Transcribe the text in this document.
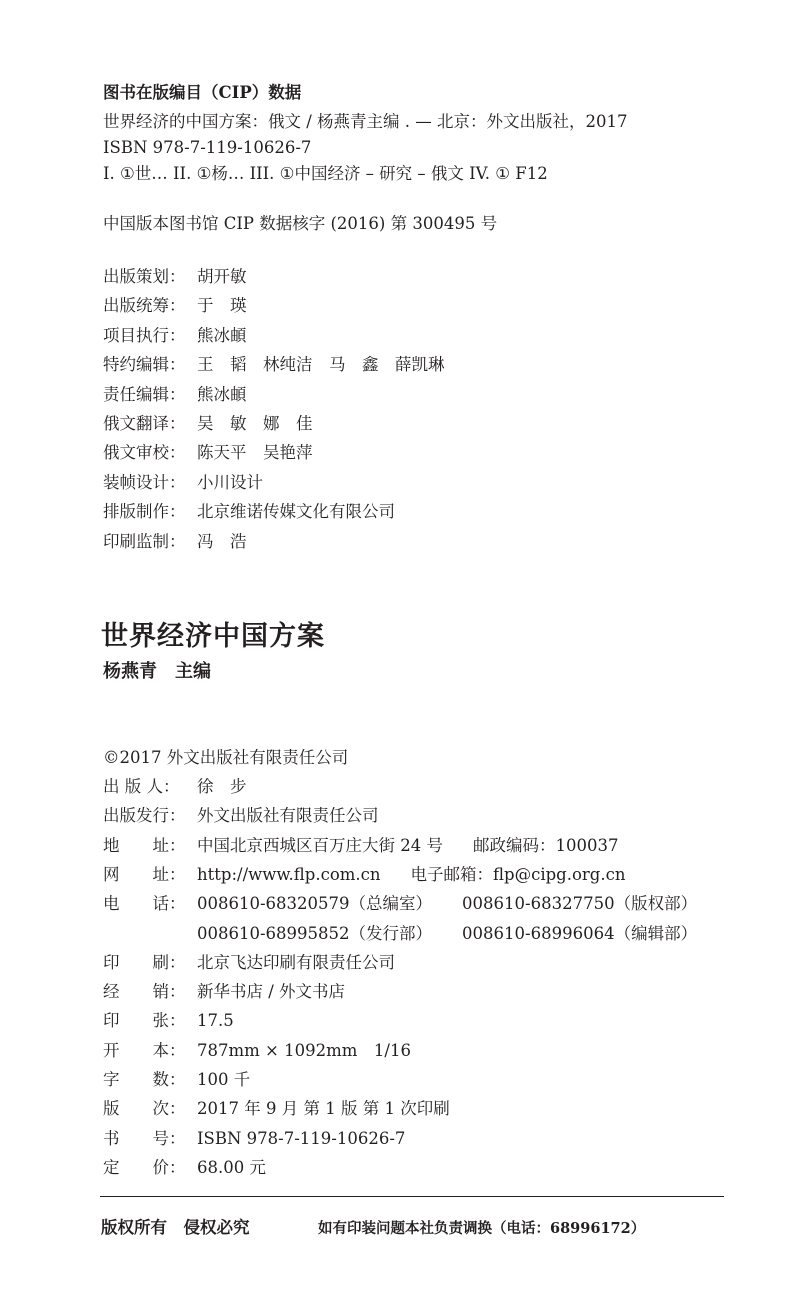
图书在版编目（CIP）数据
世界经济的中国方案：俄文 / 杨燕青主编 . — 北京：外文出版社，2017
ISBN 978-7-119-10626-7
I. ①世… II. ①杨… III. ①中国经济 – 研究 – 俄文 IV. ① F12
中国版本图书馆 CIP 数据核字 (2016) 第 300495 号
出版策划： 胡开敏
出版统筹： 于　瑛
项目执行： 熊冰頔
特约编辑： 王　韬　林纯洁　马　鑫　薛凯琳
责任编辑： 熊冰頔
俄文翻译： 吴　敏　娜　佳
俄文审校： 陈天平　吴艳萍
装帧设计： 小川设计
排版制作： 北京维诺传媒文化有限公司
印刷监制： 冯　浩
世界经济中国方案
杨燕青　主编
©2017 外文出版社有限责任公司
出 版 人： 徐　步
出版发行： 外文出版社有限责任公司
地　　址： 中国北京西城区百万庄大街 24 号 邮政编码：100037
网　　址： http://www.flp.com.cn 电子邮箱：flp@cipg.org.cn
电　　话： 008610-68320579（总编室） 008610-68327750（版权部）
008610-68995852（发行部） 008610-68996064（编辑部）
印　　刷： 北京飞达印刷有限责任公司
经　　销： 新华书店 / 外文书店
印　　张： 17.5
开　　本： 787mm × 1092mm　1/16
字　　数： 100 千
版　　次： 2017 年 9 月 第 1 版 第 1 次印刷
书　　号： ISBN 978-7-119-10626-7
定　　价： 68.00 元
版权所有　侵权必究	如有印装问题本社负责调换（电话：68996172）
